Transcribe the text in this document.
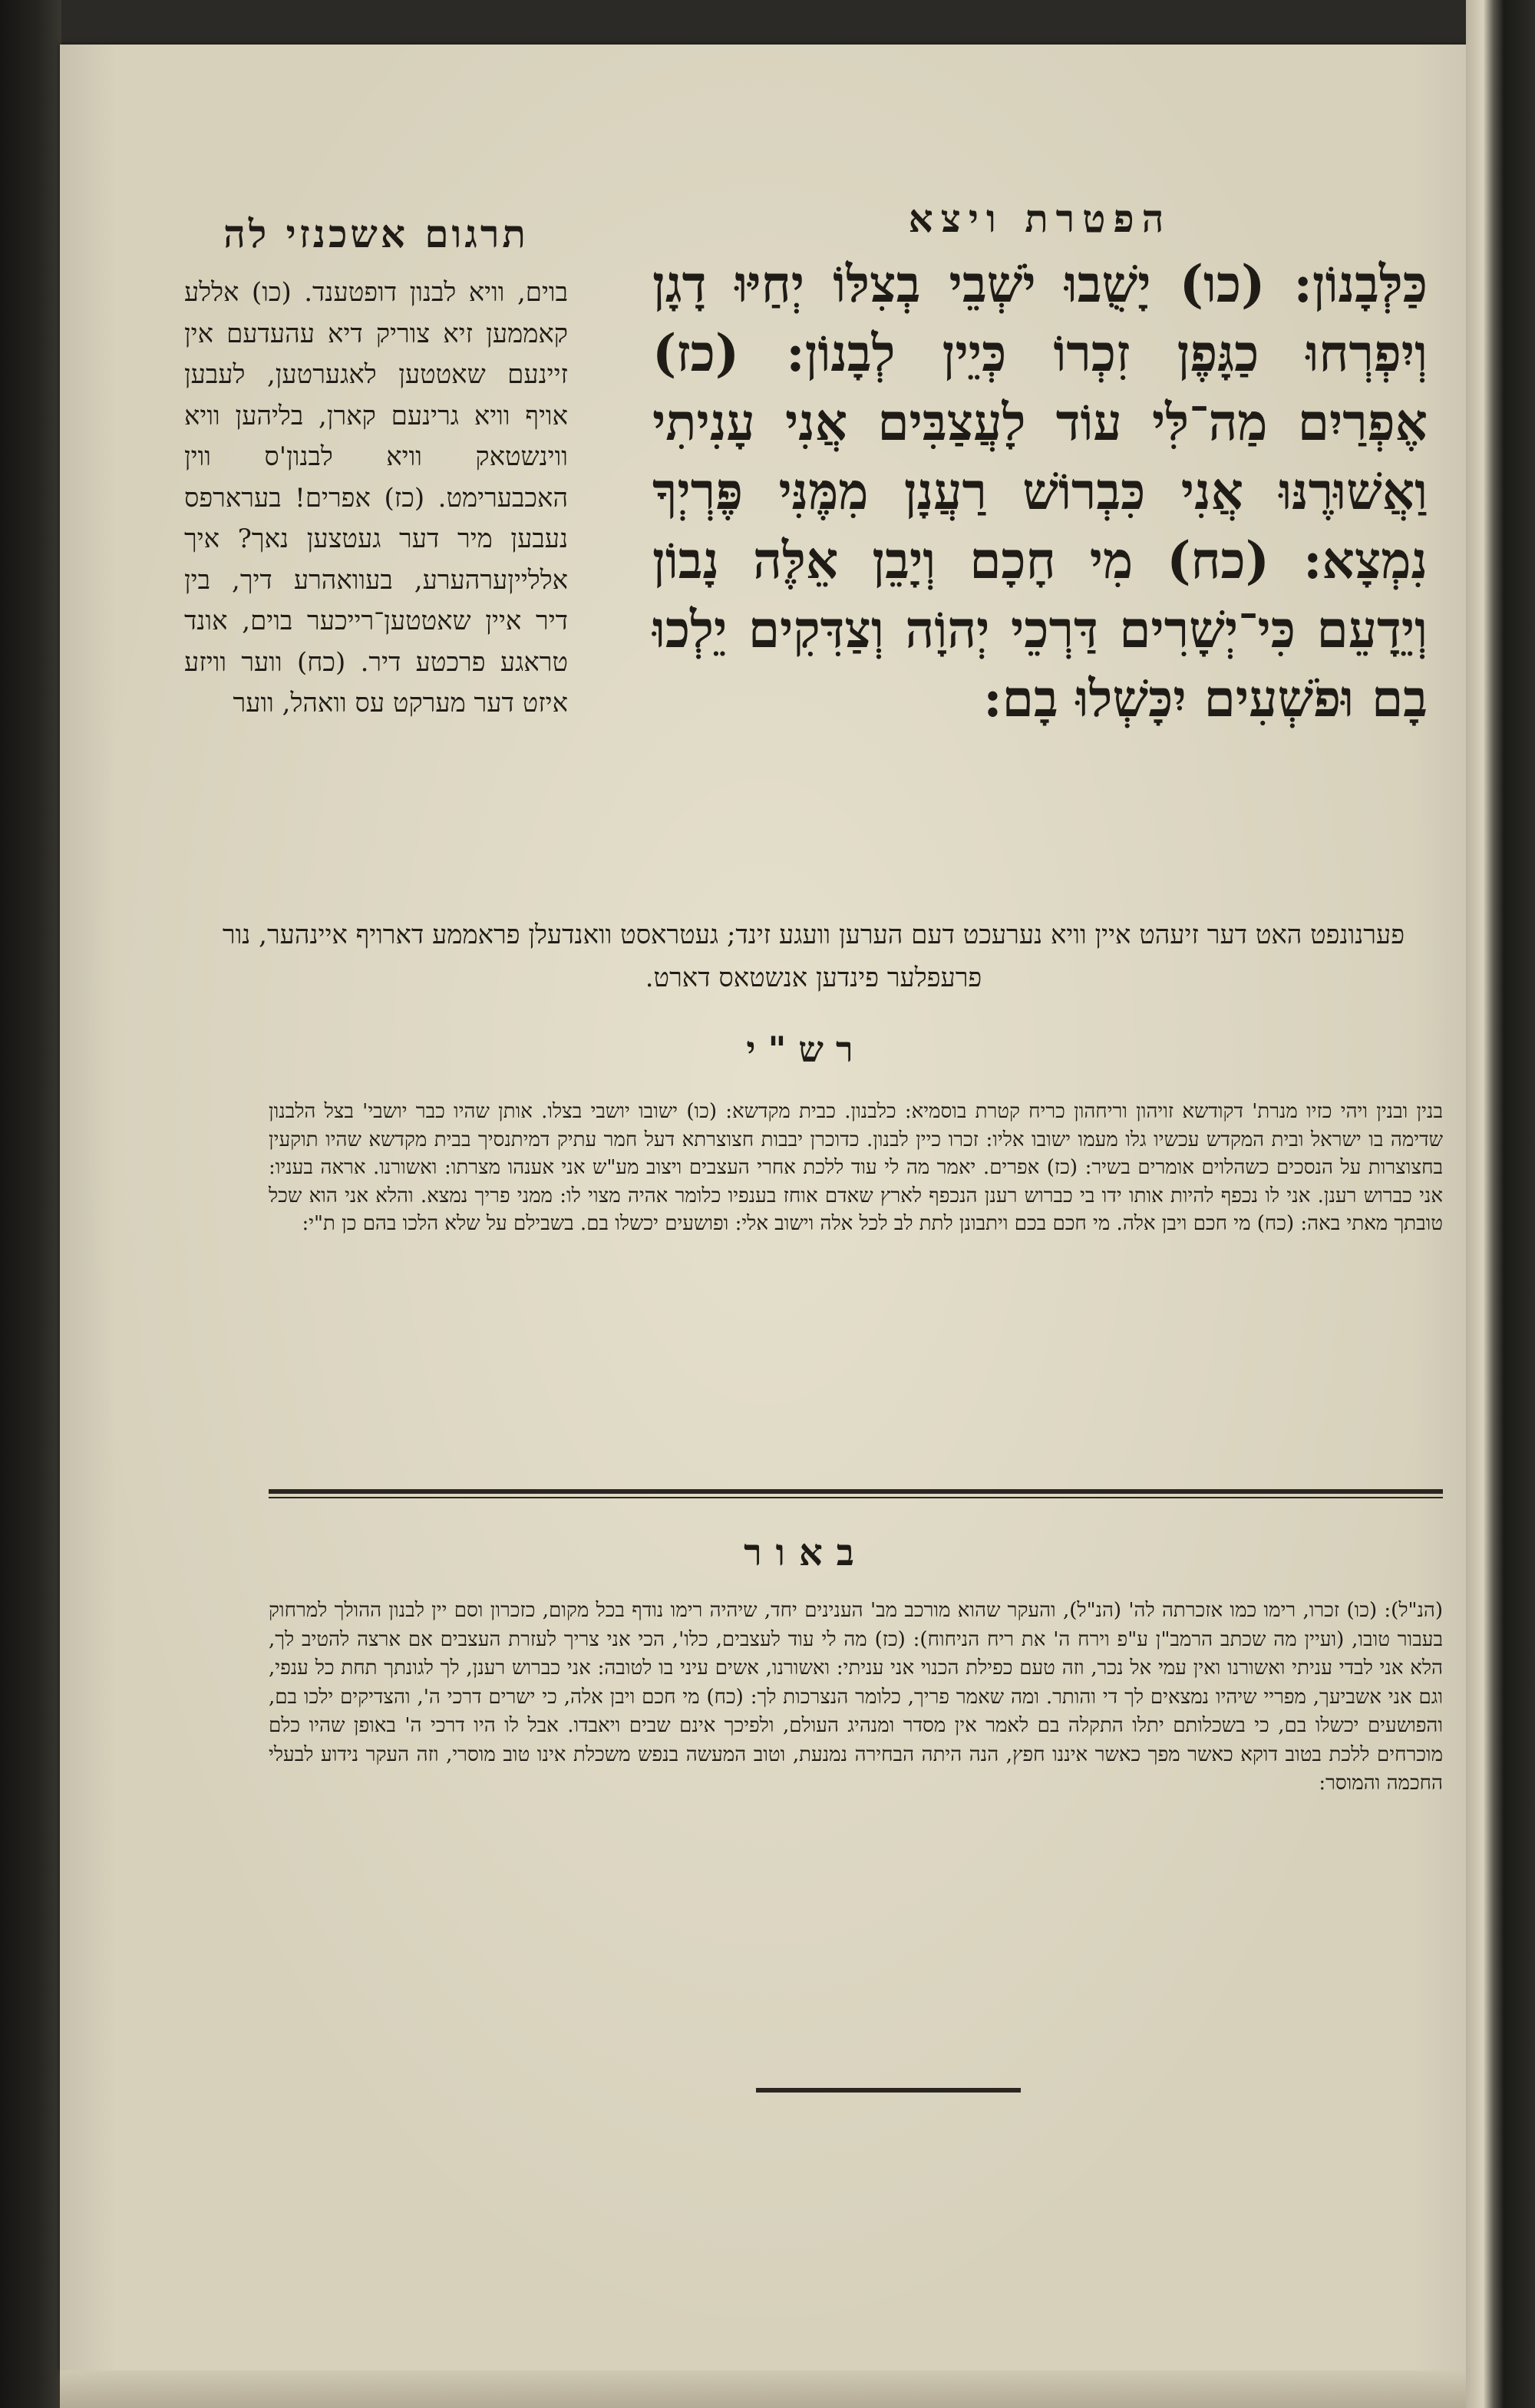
הפטרת ויצא
כַּלְּבָנוֹן: (כו) יָשֻׁבוּ יֹשְׁבֵי בְצִלּוֹ יְחַיּוּ דָגָן וְיִפְרְחוּ כַגָּפֶן זִכְרוֹ כְּיֵין לְבָנוֹן: (כז) אֶפְרַיִם מַה־לִּי עוֹד לָעֲצַבִּים אֲנִי עָנִיתִי וַאֲשׁוּרֶנּוּ אֲנִי כִּבְרוֹשׁ רַעֲנָן מִמֶּנִּי פֶּרְיְךָ נִמְצָא: (כח) מִי חָכָם וְיָבֵן אֵלֶּה נָבוֹן וְיֵדָעֵם כִּי־יְשָׁרִים דַּרְכֵי יְהוָֹה וְצַדִּקִים יֵלְכוּ בָם וּפֹשְׁעִים יִכָּשְׁלוּ בָם:
תרגום אשכנזי לה
בוים, וויא לבנון דופטענד. (כו) אללע קאממען זיא צוריק דיא עהעדעם אין זיינעם שאטטען לאגערטען, לעבען אויף וויא גרינעם קארן, בליהען וויא ווינשטאק וויא לבנון'ס ווין האכבערימט. (כז) אפרים! בערארפס נעבען מיר דער געטצען נאך? איך אללייןערהערע, בעוואהרע דיך, בין דיר איין שאטטען־רייכער בוים, אונד טראגע פרכטע דיר. (כח) ווער וויזע איזט דער מערקט עס וואהל, ווער
פערנונפט האט דער זיעהט איין וויא נערעכט דעם הערען וועגע זינד; געטראסט וואנדעלן פראממע דארויף איינהער, נור פרעפלער פינדען אנשטאס דארט.
רש"י
בנין ובנין ויהי כזיו מנרת' דקודשא זויהון וריחהון כריח קטרת בוסמיא: כלבנון. כבית מקדשא: (כו) ישובו יושבי בצלו. אותן שהיו כבר יושבי' בצל הלבנון שדימה בו ישראל ובית המקדש עכשיו גלו מעמו ישובו אליו: זכרו כיין לבנון. כדוכרן יבבות חצוצרתא דעל חמר עתיק דמיתנסיך בבית מקדשא שהיו תוקעין בחצוצרות על הנסכים כשהלוים אומרים בשיר: (כז) אפרים. יאמר מה לי עוד ללכת אחרי העצבים ויצוב מע"ש אני אענהו מצרתו: ואשורנו. אראה בעניו: אני כברוש רענן. אני לו נכפף להיות אותו ידו בי כברוש רענן הנכפף לארץ שאדם אוחז בענפיו כלומר אהיה מצוי לו: ממני פריך נמצא. והלא אני הוא שכל טובתך מאתי באה: (כח) מי חכם ויבן אלה. מי חכם בכם ויתבונן לתת לב לכל אלה וישוב אלי: ופושעים יכשלו בם. בשבילם על שלא הלכו בהם כן ת"י:
באור
(הנ"ל): (כו) זכרו, רימו כמו אזכרתה לה' (הנ"ל), והעקר שהוא מורכב מב' הענינים יחד, שיהיה רימו נודף בכל מקום, כזכרון וסם יין לבנון ההולך למרחוק בעבור טובו, (ועיין מה שכתב הרמב"ן ע"פ וירח ה' את ריח הניחוח): (כז) מה לי עוד לעצבים, כלו', הכי אני צריך לעזרת העצבים אם ארצה להטיב לך, הלא אני לבדי עניתי ואשורנו ואין עמי אל נכר, וזה טעם כפילת הכנוי אני עניתי: ואשורנו, אשים עיני בו לטובה: אני כברוש רענן, לך לגונתך תחת כל ענפי, וגם אני אשביעך, מפריי שיהיו נמצאים לך די והותר. ומה שאמר פריך, כלומר הנצרכות לך: (כח) מי חכם ויבן אלה, כי ישרים דרכי ה', והצדיקים ילכו בם, והפושעים יכשלו בם, כי בשכלותם יתלו התקלה בם לאמר אין מסדר ומנהיג העולם, ולפיכך אינם שבים ויאבדו. אבל לו היו דרכי ה' באופן שהיו כלם מוכרחים ללכת בטוב דוקא כאשר מפך כאשר איננו חפץ, הנה היתה הבחירה נמנעת, וטוב המעשה בנפש משכלת אינו טוב מוסרי, וזה העקר נידוע לבעלי החכמה והמוסר:
